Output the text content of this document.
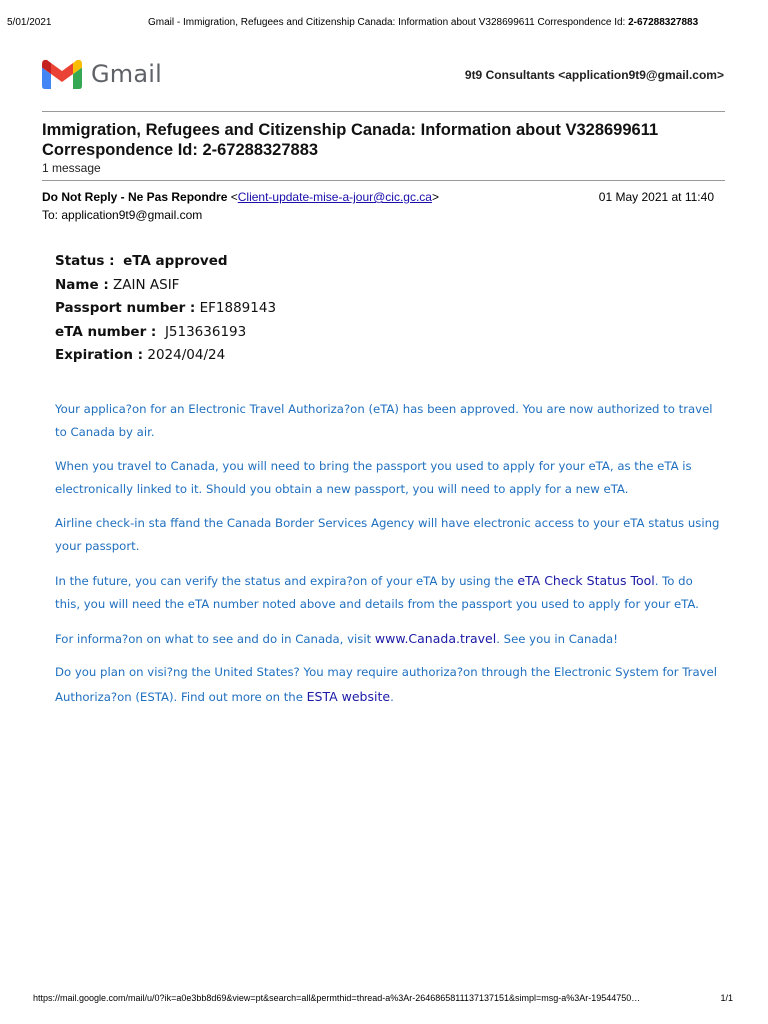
5/01/2021	Gmail - Immigration, Refugees and Citizenship Canada: Information about V328699611 Correspondence Id: 2-67288327883
Gmail	9t9 Consultants <application9t9@gmail.com>
Immigration, Refugees and Citizenship Canada: Information about V328699611 Correspondence Id: 2-67288327883
1 message
Do Not Reply - Ne Pas Repondre <Client-update-mise-a-jour@cic.gc.ca>	01 May 2021 at 11:40
To: application9t9@gmail.com
Status : eTA approved
Name : ZAIN ASIF
Passport number : EF1889143
eTA number : J513636193
Expiration : 2024/04/24
Your applica?on for an Electronic Travel Authoriza?on (eTA) has been approved. You are now authorized to travel to Canada by air.
When you travel to Canada, you will need to bring the passport you used to apply for your eTA, as the eTA is electronically linked to it. Should you obtain a new passport, you will need to apply for a new eTA.
Airline check-in sta ffand the Canada Border Services Agency will have electronic access to your eTA status using your passport.
In the future, you can verify the status and expira?on of your eTA by using the eTA Check Status Tool. To do this, you will need the eTA number noted above and details from the passport you used to apply for your eTA.
For informa?on on what to see and do in Canada, visit www.Canada.travel. See you in Canada!
Do you plan on visi?ng the United States? You may require authoriza?on through the Electronic System for Travel Authoriza?on (ESTA). Find out more on the ESTA website.
https://mail.google.com/mail/u/0?ik=a0e3bb8d69&view=pt&search=all&permthid=thread-a%3Ar-2646865811137137151&simpl=msg-a%3Ar-19544750…	1/1
